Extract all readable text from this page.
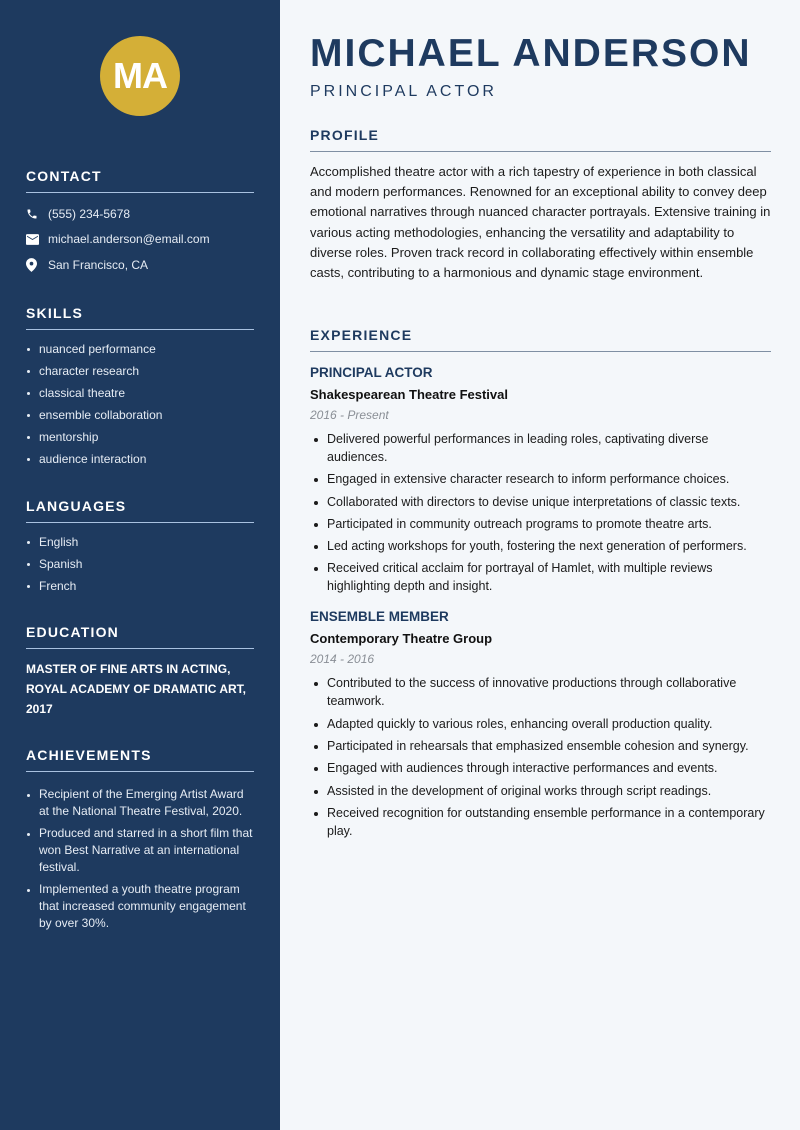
MA
CONTACT
(555) 234-5678
michael.anderson@email.com
San Francisco, CA
SKILLS
nuanced performance
character research
classical theatre
ensemble collaboration
mentorship
audience interaction
LANGUAGES
English
Spanish
French
EDUCATION

MASTER OF FINE ARTS IN ACTING, ROYAL ACADEMY OF DRAMATIC ART, 2017

ACHIEVEMENTS
Recipient of the Emerging Artist Award at the National Theatre Festival, 2020.
Produced and starred in a short film that won Best Narrative at an international festival.
Implemented a youth theatre program that increased community engagement by over 30%.
MICHAEL ANDERSON
PRINCIPAL ACTOR
PROFILE

Accomplished theatre actor with a rich tapestry of experience in both classical and modern performances. Renowned for an exceptional ability to convey deep emotional narratives through nuanced character portrayals. Extensive training in various acting methodologies, enhancing the versatility and adaptability to diverse roles. Proven track record in collaborating effectively within ensemble casts, contributing to a harmonious and dynamic stage environment.

EXPERIENCE
PRINCIPAL ACTOR
Shakespearean Theatre Festival
2016 - Present
Delivered powerful performances in leading roles, captivating diverse audiences.
Engaged in extensive character research to inform performance choices.
Collaborated with directors to devise unique interpretations of classic texts.
Participated in community outreach programs to promote theatre arts.
Led acting workshops for youth, fostering the next generation of performers.
Received critical acclaim for portrayal of Hamlet, with multiple reviews highlighting depth and insight.
ENSEMBLE MEMBER
Contemporary Theatre Group
2014 - 2016
Contributed to the success of innovative productions through collaborative teamwork.
Adapted quickly to various roles, enhancing overall production quality.
Participated in rehearsals that emphasized ensemble cohesion and synergy.
Engaged with audiences through interactive performances and events.
Assisted in the development of original works through script readings.
Received recognition for outstanding ensemble performance in a contemporary play.
